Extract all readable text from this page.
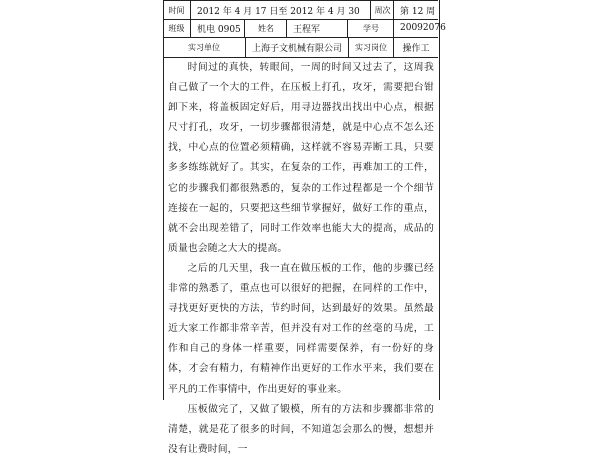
时间	2012 年 4 月 17 日至 2012 年 4 月 30	周次	第 12 周
班级	机电 0905	姓名	王程军	学号	20092076
实习单位	上海子文机械有限公司	实习岗位	操作工

时间过的真快，转眼间，一周的时间又过去了，这周我自己做了一个大的工件，在压板上打孔，攻牙，需要把台钳卸下来，将盖板固定好后，用寻边器找出找出中心点，根据尺寸打孔，攻牙，一切步骤都很清楚，就是中心点不怎么还找，中心点的位置必须精确，这样就不容易弄断工具，只要多多练练就好了。其实，在复杂的工作，再难加工的工件，它的步骤我们都很熟悉的，复杂的工作过程都是一个个细节连接在一起的，只要把这些细节掌握好，做好工作的重点，就不会出现差错了，同时工作效率也能大大的提高，成品的质量也会随之大大的提高。

之后的几天里，我一直在做压板的工作，他的步骤已经非常的熟悉了，重点也可以很好的把握，在同样的工作中，寻找更好更快的方法，节约时间，达到最好的效果。虽然最近大家工作都非常辛苦，但并没有对工作的丝毫的马虎，工作和自己的身体一样重要，同样需要保养，有一份好的身体，才会有精力，有精神作出更好的工作水平来，我们要在平凡的工作事情中，作出更好的事业来。

压板做完了，又做了锻模，所有的方法和步骤都非常的清楚，就是花了很多的时间，不知道怎会那么的慢，想想并没有让费时间，一
